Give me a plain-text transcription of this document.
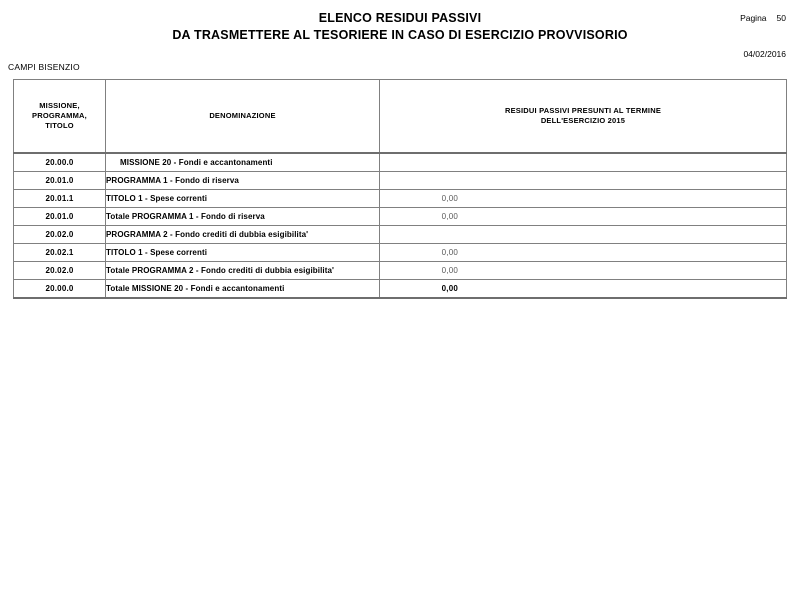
ELENCO RESIDUI PASSIVI
DA TRASMETTERE AL TESORIERE IN CASO DI ESERCIZIO PROVVISORIO
Pagina 50
04/02/2016
CAMPI BISENZIO
MISSIONE,
PROGRAMMA,
TITOLO	DENOMINAZIONE	RESIDUI PASSIVI PRESUNTI AL TERMINE
DELL'ESERCIZIO 2015
20.00.0	MISSIONE 20 - Fondi e accantonamenti	

20.01.0	PROGRAMMA 1 - Fondo di riserva	

20.01.1	TITOLO 1 - Spese correnti	0,00

20.01.0	Totale PROGRAMMA 1 - Fondo di riserva	0,00

20.02.0	PROGRAMMA 2 - Fondo crediti di dubbia esigibilita'	

20.02.1	TITOLO 1 - Spese correnti	0,00

20.02.0	Totale PROGRAMMA 2 - Fondo crediti di dubbia esigibilita'	0,00

20.00.0	Totale MISSIONE 20 - Fondi e accantonamenti	0,00
